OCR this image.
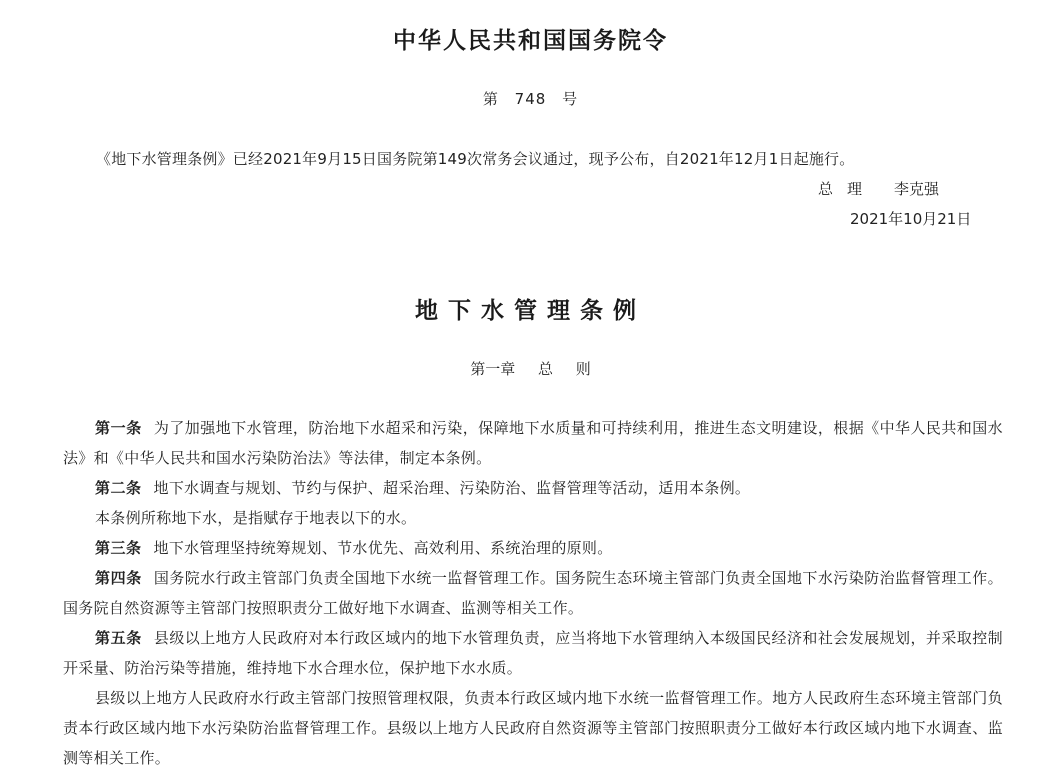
中华人民共和国国务院令
第 748 号
《地下水管理条例》已经2021年9月15日国务院第149次常务会议通过，现予公布，自2021年12月1日起施行。
总理 李克强
2021年10月21日
地下水管理条例
第一章 总 则

第一条 为了加强地下水管理，防治地下水超采和污染，保障地下水质量和可持续利用，推进生态文明建设，根据《中华人民共和国水法》和《中华人民共和国水污染防治法》等法律，制定本条例。

第二条 地下水调查与规划、节约与保护、超采治理、污染防治、监督管理等活动，适用本条例。

本条例所称地下水，是指赋存于地表以下的水。

第三条 地下水管理坚持统筹规划、节水优先、高效利用、系统治理的原则。

第四条 国务院水行政主管部门负责全国地下水统一监督管理工作。国务院生态环境主管部门负责全国地下水污染防治监督管理工作。国务院自然资源等主管部门按照职责分工做好地下水调查、监测等相关工作。

第五条 县级以上地方人民政府对本行政区域内的地下水管理负责，应当将地下水管理纳入本级国民经济和社会发展规划，并采取控制开采量、防治污染等措施，维持地下水合理水位，保护地下水水质。

县级以上地方人民政府水行政主管部门按照管理权限，负责本行政区域内地下水统一监督管理工作。地方人民政府生态环境主管部门负责本行政区域内地下水污染防治监督管理工作。县级以上地方人民政府自然资源等主管部门按照职责分工做好本行政区域内地下水调查、监测等相关工作。
